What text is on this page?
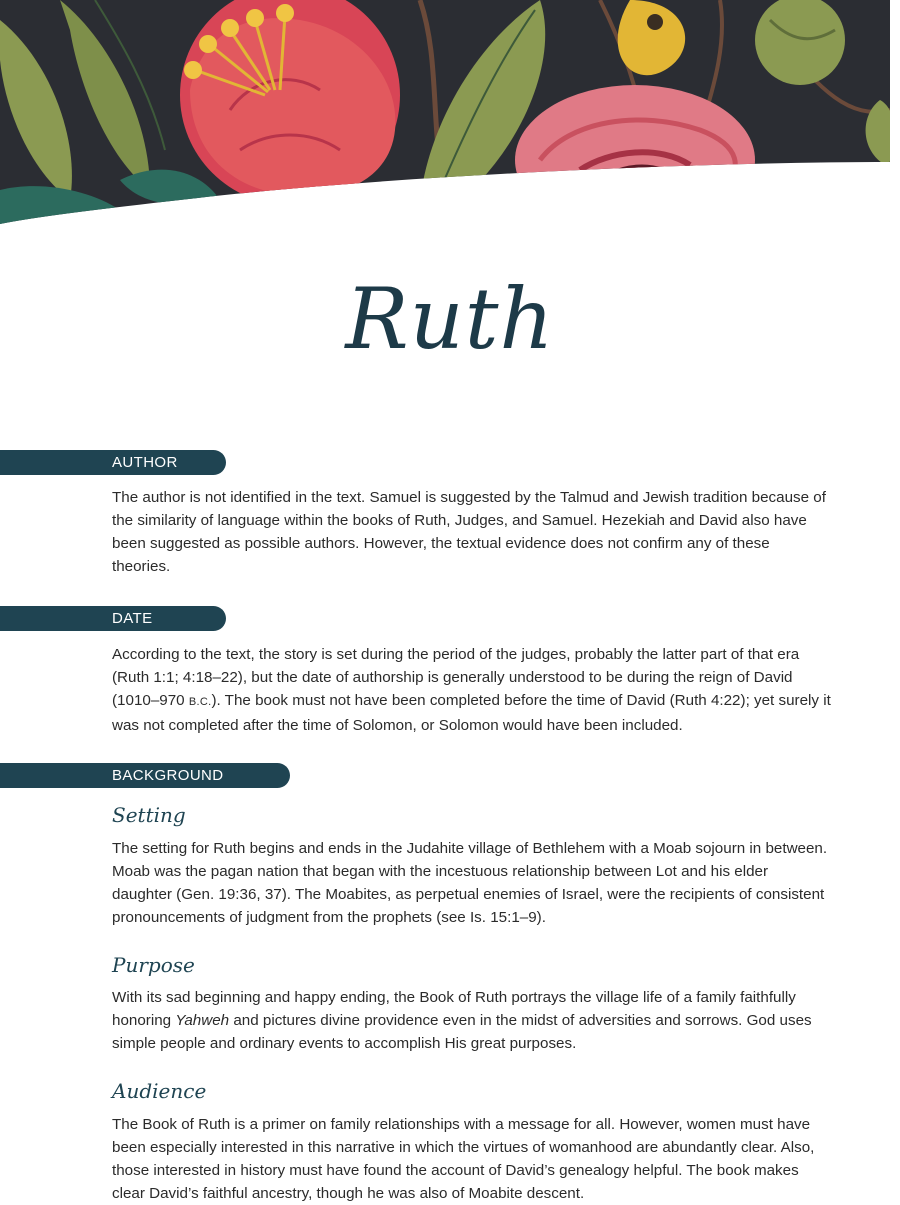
Ruth
AUTHOR

The author is not identified in the text. Samuel is suggested by the Talmud and Jewish tradition because of the similarity of language within the books of Ruth, Judges, and Samuel. Hezekiah and David also have been suggested as possible authors. However, the textual evidence does not confirm any of these theories.

DATE

According to the text, the story is set during the period of the judges, probably the latter part of that era (Ruth 1:1; 4:18–22), but the date of authorship is generally understood to be during the reign of David (1010–970 B.C.). The book must not have been completed before the time of David (Ruth 4:22); yet surely it was not completed after the time of Solomon, or Solomon would have been included.

BACKGROUND
Setting

The setting for Ruth begins and ends in the Judahite village of Bethlehem with a Moab sojourn in between. Moab was the pagan nation that began with the incestuous relationship between Lot and his elder daughter (Gen. 19:36, 37). The Moabites, as perpetual enemies of Israel, were the recipients of consistent pronouncements of judgment from the prophets (see Is. 15:1–9).

Purpose

With its sad beginning and happy ending, the Book of Ruth portrays the village life of a family faithfully honoring Yahweh and pictures divine providence even in the midst of adversities and sorrows. God uses simple people and ordinary events to accomplish His great purposes.

Audience

The Book of Ruth is a primer on family relationships with a message for all. However, women must have been especially interested in this narrative in which the virtues of womanhood are abundantly clear. Also, those interested in history must have found the account of David’s genealogy helpful. The book makes clear David’s faithful ancestry, though he was also of Moabite descent.
